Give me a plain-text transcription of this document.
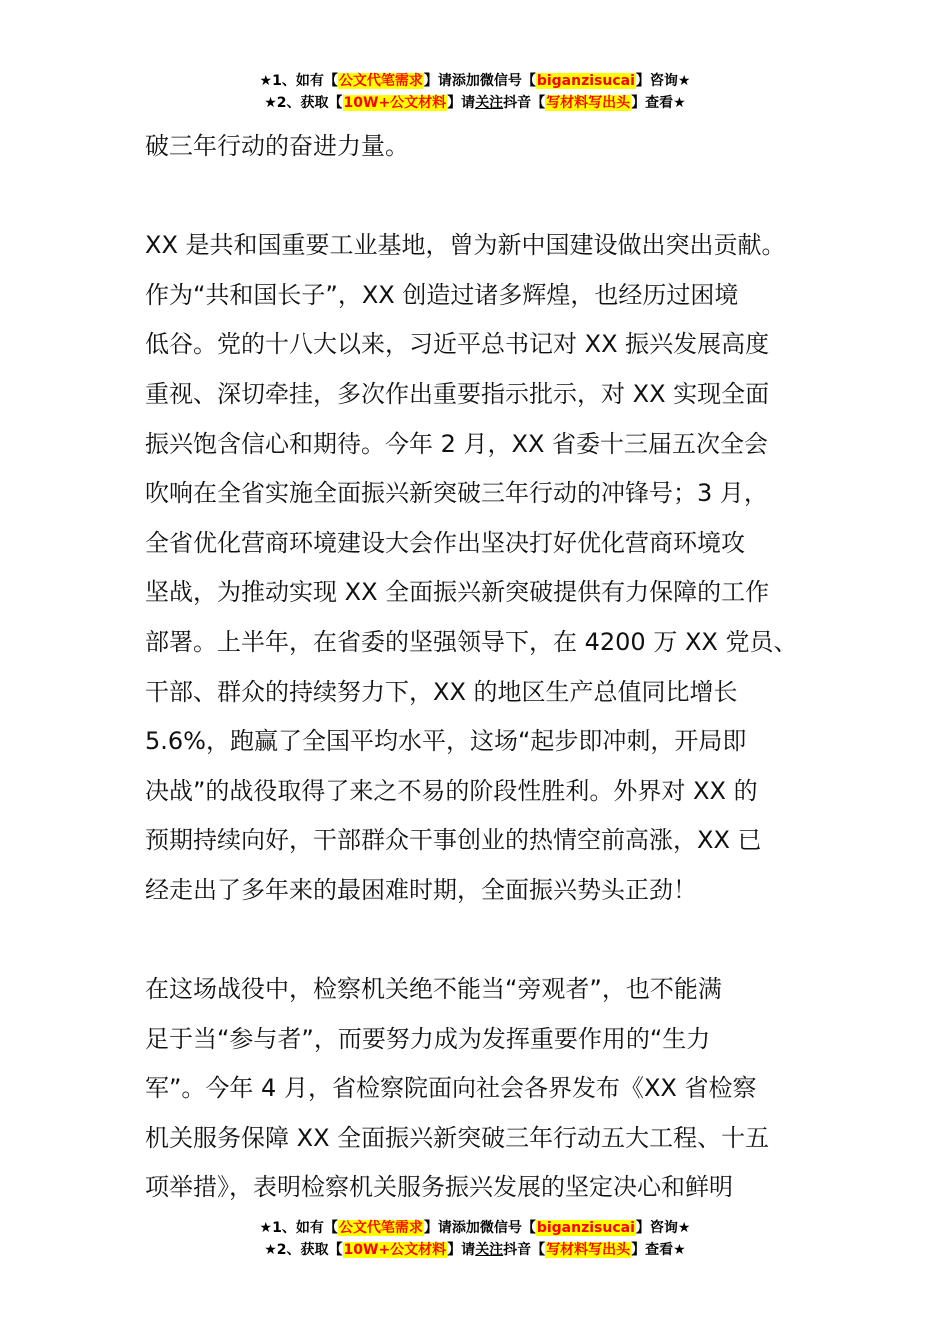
★1、如有【公文代笔需求】请添加微信号【biganzisucai】咨询★
★2、获取【10W+公文材料】请关注抖音【写材料写出头】查看★

破三年行动的奋进力量。

XX 是共和国重要工业基地，曾为新中国建设做出突出贡献。

作为“共和国长子”，XX 创造过诸多辉煌，也经历过困境

低谷。党的十八大以来，习近平总书记对 XX 振兴发展高度

重视、深切牵挂，多次作出重要指示批示，对 XX 实现全面

振兴饱含信心和期待。今年 2 月，XX 省委十三届五次全会

吹响在全省实施全面振兴新突破三年行动的冲锋号；3 月，

全省优化营商环境建设大会作出坚决打好优化营商环境攻

坚战，为推动实现 XX 全面振兴新突破提供有力保障的工作

部署。上半年，在省委的坚强领导下，在 4200 万 XX 党员、

干部、群众的持续努力下，XX 的地区生产总值同比增长

5.6%，跑赢了全国平均水平，这场“起步即冲刺，开局即

决战”的战役取得了来之不易的阶段性胜利。外界对 XX 的

预期持续向好，干部群众干事创业的热情空前高涨，XX 已

经走出了多年来的最困难时期，全面振兴势头正劲！

在这场战役中，检察机关绝不能当“旁观者”，也不能满

足于当“参与者”，而要努力成为发挥重要作用的“生力

军”。今年 4 月，省检察院面向社会各界发布《XX 省检察

机关服务保障 XX 全面振兴新突破三年行动五大工程、十五

项举措》，表明检察机关服务振兴发展的坚定决心和鲜明

★1、如有【公文代笔需求】请添加微信号【biganzisucai】咨询★
★2、获取【10W+公文材料】请关注抖音【写材料写出头】查看★
